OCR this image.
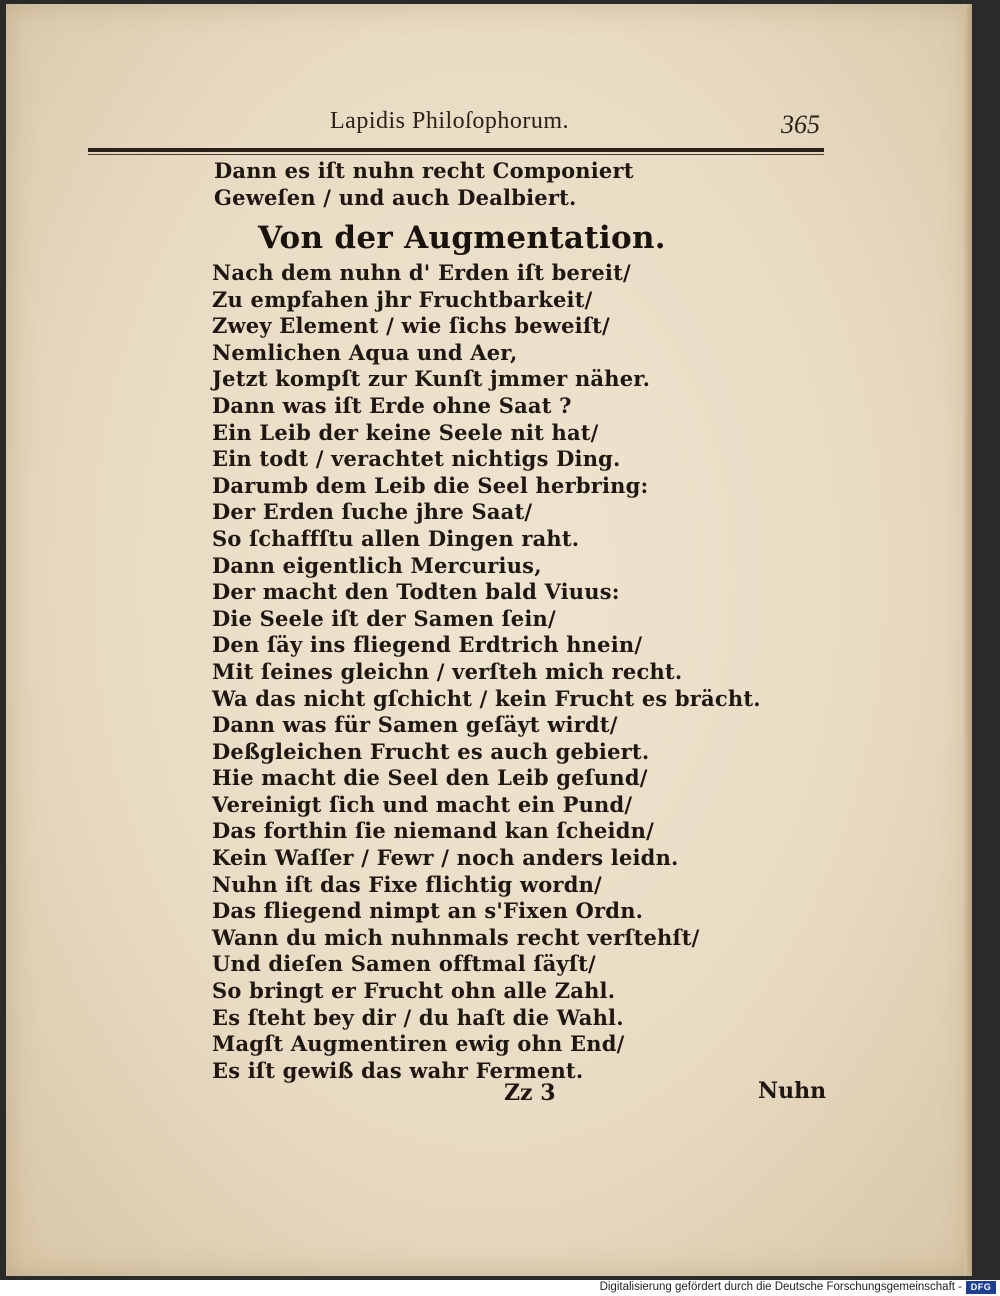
Lapidis Philoſophorum.	365
Dann es iſt nuhn recht Componiert
Geweſen / und auch Dealbiert.
Von der Augmentation.
Nach dem nuhn d' Erden iſt bereit/
Zu empfahen jhr Fruchtbarkeit/
Zwey Element / wie ſichs beweiſt/
Nemlichen Aqua und Aer,
Jetzt kompſt zur Kunſt jmmer näher.
Dann was iſt Erde ohne Saat ?
Ein Leib der keine Seele nit hat/
Ein todt / verachtet nichtigs Ding.
Darumb dem Leib die Seel herbring:
Der Erden ſuche jhre Saat/
So ſchaffſtu allen Dingen raht.
Dann eigentlich Mercurius,
Der macht den Todten bald Viuus:
Die Seele iſt der Samen ſein/
Den ſäy ins fliegend Erdtrich hnein/
Mit ſeines gleichn / verſteh mich recht.
Wa das nicht gſchicht / kein Frucht es brächt.
Dann was für Samen geſäyt wirdt/
Deßgleichen Frucht es auch gebiert.
Hie macht die Seel den Leib geſund/
Vereinigt ſich und macht ein Pund/
Das forthin ſie niemand kan ſcheidn/
Kein Waſſer / Fewr / noch anders leidn.
Nuhn iſt das Fixe flichtig wordn/
Das fliegend nimpt an s'Fixen Ordn.
Wann du mich nuhnmals recht verſtehſt/
Und dieſen Samen offtmal ſäyſt/
So bringt er Frucht ohn alle Zahl.
Es ſteht bey dir / du haſt die Wahl.
Magſt Augmentiren ewig ohn End/
Es iſt gewiß das wahr Ferment.
Zz 3	Nuhn
Digitalisierung gefördert durch die Deutsche Forschungsgemeinschaft - DFG
